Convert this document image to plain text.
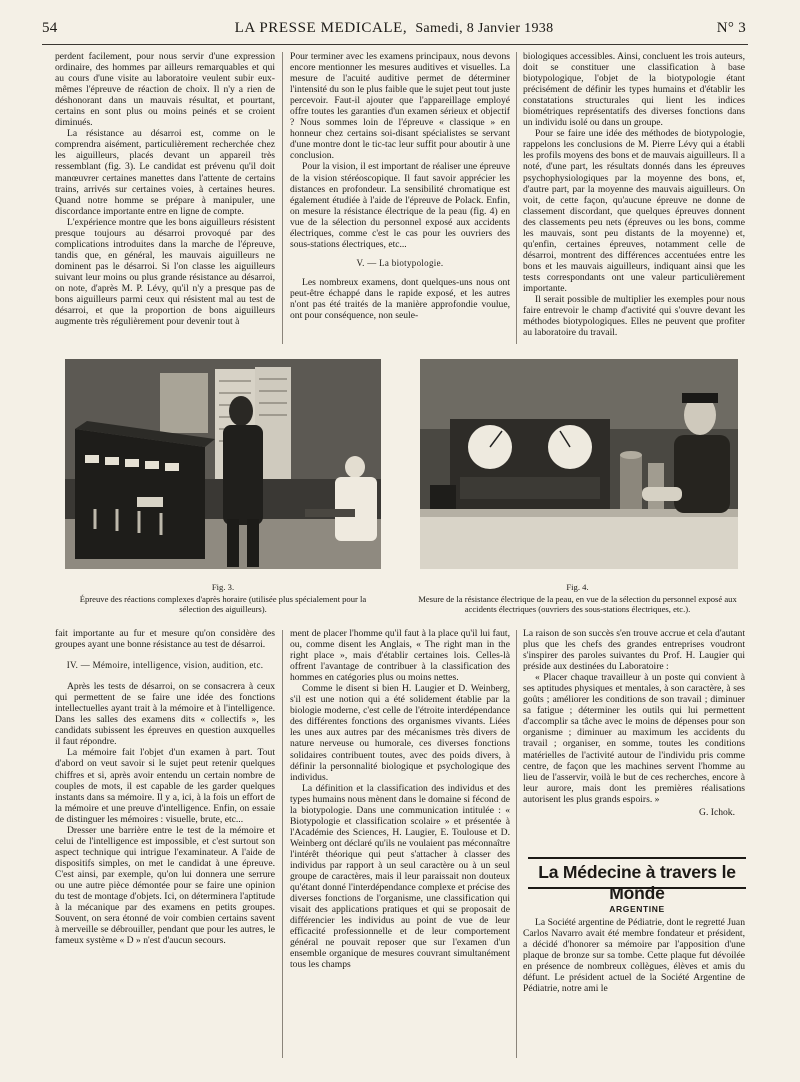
54	LA PRESSE MEDICALE, Samedi, 8 Janvier 1938	N° 3

perdent facilement, pour nous servir d'une expression ordinaire, des hommes par ailleurs remarquables et qui au cours d'une visite au laboratoire veulent subir eux-mêmes l'épreuve de réaction de choix. Il n'y a rien de déshonorant dans un mauvais résultat, et pourtant, certains en sont plus ou moins peinés et se croient diminués.

La résistance au désarroi est, comme on le comprendra aisément, particulièrement recherchée chez les aiguilleurs, placés devant un appareil très ressemblant (fig. 3). Le candidat est prévenu qu'il doit manœuvrer certaines manettes dans l'attente de certains trains, arrivés sur certaines voies, à certaines heures. Quand notre homme se prépare à manipuler, une discordance importante entre en ligne de compte.

L'expérience montre que les bons aiguilleurs résistent presque toujours au désarroi provoqué par des complications introduites dans la marche de l'épreuve, tandis que, en général, les mauvais aiguilleurs ne dominent pas le désarroi. Si l'on classe les aiguilleurs suivant leur moins ou plus grande résistance au désarroi, on note, d'après M. P. Lévy, qu'il n'y a presque pas de bons aiguilleurs parmi ceux qui résistent mal au test de désarroi, et que la proportion de bons aiguilleurs augmente très régulièrement pour devenir tout à

Pour terminer avec les examens principaux, nous devons encore mentionner les mesures auditives et visuelles. La mesure de l'acuité auditive permet de déterminer l'intensité du son le plus faible que le sujet peut tout juste percevoir. Faut-il ajouter que l'appareillage employé offre toutes les garanties d'un examen sérieux et objectif ? Nous sommes loin de l'épreuve « classique » en honneur chez certains soi-disant spécialistes se servant d'une montre dont le tic-tac leur suffit pour aboutir à une conclusion.

Pour la vision, il est important de réaliser une épreuve de la vision stéréoscopique. Il faut savoir apprécier les distances en profondeur. La sensibilité chromatique est également étudiée à l'aide de l'épreuve de Polack. Enfin, on mesure la résistance électrique de la peau (fig. 4) en vue de la sélection du personnel exposé aux accidents électriques, comme c'est le cas pour les ouvriers des sous-stations électriques, etc...

V. — La biotypologie.

Les nombreux examens, dont quelques-uns nous ont peut-être échappé dans le rapide exposé, et les autres n'ont pas été traités de la manière approfondie voulue, ont pour conséquence, non seule-

biologiques accessibles. Ainsi, concluent les trois auteurs, doit se constituer une classification à base biotypologique, l'objet de la biotypologie étant précisément de définir les types humains et d'établir les constatations structurales qui lient les indices biométriques représentatifs des diverses fonctions dans un individu isolé ou dans un groupe.

Pour se faire une idée des méthodes de biotypologie, rappelons les conclusions de M. Pierre Lévy qui a établi les profils moyens des bons et de mauvais aiguilleurs. Il a noté, d'une part, les résultats donnés dans les épreuves psychophysiologiques par la moyenne des bons, et, d'autre part, par la moyenne des mauvais aiguilleurs. On voit, de cette façon, qu'aucune épreuve ne donne de classement discordant, que quelques épreuves donnent des classements peu nets (épreuves ou les bons, comme les mauvais, sont peu distants de la moyenne) et, qu'enfin, certaines épreuves, notamment celle de désarroi, montrent des différences accentuées entre les bons et les mauvais aiguilleurs, indiquant ainsi que les tests correspondants ont une valeur particulièrement importante.

Il serait possible de multiplier les exemples pour nous faire entrevoir le champ d'activité qui s'ouvre devant les méthodes biotypologiques. Elles ne peuvent que profiter au laboratoire du travail.

Fig. 3.
Épreuve des réactions complexes d'après horaire (utilisée plus spécialement pour la sélection des aiguilleurs).
Fig. 4.
Mesure de la résistance électrique de la peau, en vue de la sélection du personnel exposé aux accidents électriques (ouvriers des sous-stations électriques, etc.).

fait importante au fur et mesure qu'on considère des groupes ayant une bonne résistance au test de désarroi.

IV. — Mémoire, intelligence, vision, audition, etc.

Après les tests de désarroi, on se consacrera à ceux qui permettent de se faire une idée des fonctions intellectuelles ayant trait à la mémoire et à l'intelligence. Dans les salles des examens dits « collectifs », les candidats subissent les épreuves en question auxquelles il faut répondre.

La mémoire fait l'objet d'un examen à part. Tout d'abord on veut savoir si le sujet peut retenir quelques chiffres et si, après avoir entendu un certain nombre de couples de mots, il est capable de les garder quelques instants dans sa mémoire. Il y a, ici, à la fois un effort de la mémoire et une preuve d'intelligence. Enfin, on essaie de distinguer les mémoires : visuelle, brute, etc...

Dresser une barrière entre le test de la mémoire et celui de l'intelligence est impossible, et c'est surtout son aspect technique qui intrigue l'examinateur. A l'aide de dispositifs simples, on met le candidat à une épreuve. C'est ainsi, par exemple, qu'on lui donnera une serrure ou une autre pièce démontée pour se faire une opinion du test de montage d'objets. Ici, on déterminera l'aptitude à la mécanique par des examens en petits groupes. Souvent, on sera étonné de voir combien certains savent à merveille se débrouiller, pendant que pour les autres, le fameux système « D » n'est d'aucun secours.

ment de placer l'homme qu'il faut à la place qu'il lui faut, ou, comme disent les Anglais, « The right man in the right place », mais d'établir certaines lois. Celles-là offrent l'avantage de contribuer à la classification des hommes en catégories plus ou moins nettes.

Comme le disent si bien H. Laugier et D. Weinberg, s'il est une notion qui a été solidement établie par la biologie moderne, c'est celle de l'étroite interdépendance des différentes fonctions des organismes vivants. Liées les unes aux autres par des mécanismes très divers de nature nerveuse ou humorale, ces diverses fonctions solidaires contribuent toutes, avec des poids divers, à définir la personnalité biologique et psychologique des individus.

La définition et la classification des individus et des types humains nous mènent dans le domaine si fécond de la biotypologie. Dans une communication intitulée : « Biotypologie et classification scolaire » et présentée à l'Académie des Sciences, H. Laugier, E. Toulouse et D. Weinberg ont déclaré qu'ils ne voulaient pas méconnaître l'intérêt théorique qui peut s'attacher à classer des individus par rapport à un seul caractère ou à un seul groupe de caractères, mais il leur paraissait non douteux qu'étant donné l'interdépendance complexe et précise des diverses fonctions de l'organisme, une classification qui visait des applications pratiques et qui se proposait de différencier les individus au point de vue de leur efficacité professionnelle et de leur comportement général ne pouvait reposer que sur l'examen d'un ensemble organique de mesures couvrant simultanément tous les champs

La raison de son succès s'en trouve accrue et cela d'autant plus que les chefs des grandes entreprises voudront s'inspirer des paroles suivantes du Prof. H. Laugier qui préside aux destinées du Laboratoire :

« Placer chaque travailleur à un poste qui convient à ses aptitudes physiques et mentales, à son caractère, à ses goûts ; améliorer les conditions de son travail ; diminuer sa fatigue ; déterminer les outils qui lui permettent d'accomplir sa tâche avec le moins de dépenses pour son organisme ; diminuer au maximum les accidents du travail ; organiser, en somme, toutes les conditions matérielles de l'activité autour de l'individu pris comme centre, de façon que les machines servent l'homme au lieu de l'asservir, voilà le but de ces recherches, encore à leur aurore, mais dont les premières réalisations autorisent les plus grands espoirs. »

G. Ichok.

La Médecine à travers le Monde
ARGENTINE

La Société argentine de Pédiatrie, dont le regretté Juan Carlos Navarro avait été membre fondateur et président, a décidé d'honorer sa mémoire par l'apposition d'une plaque de bronze sur sa tombe. Cette plaque fut dévoilée en présence de nombreux collègues, élèves et amis du défunt. Le président actuel de la Société Argentine de Pédiatrie, notre ami le
